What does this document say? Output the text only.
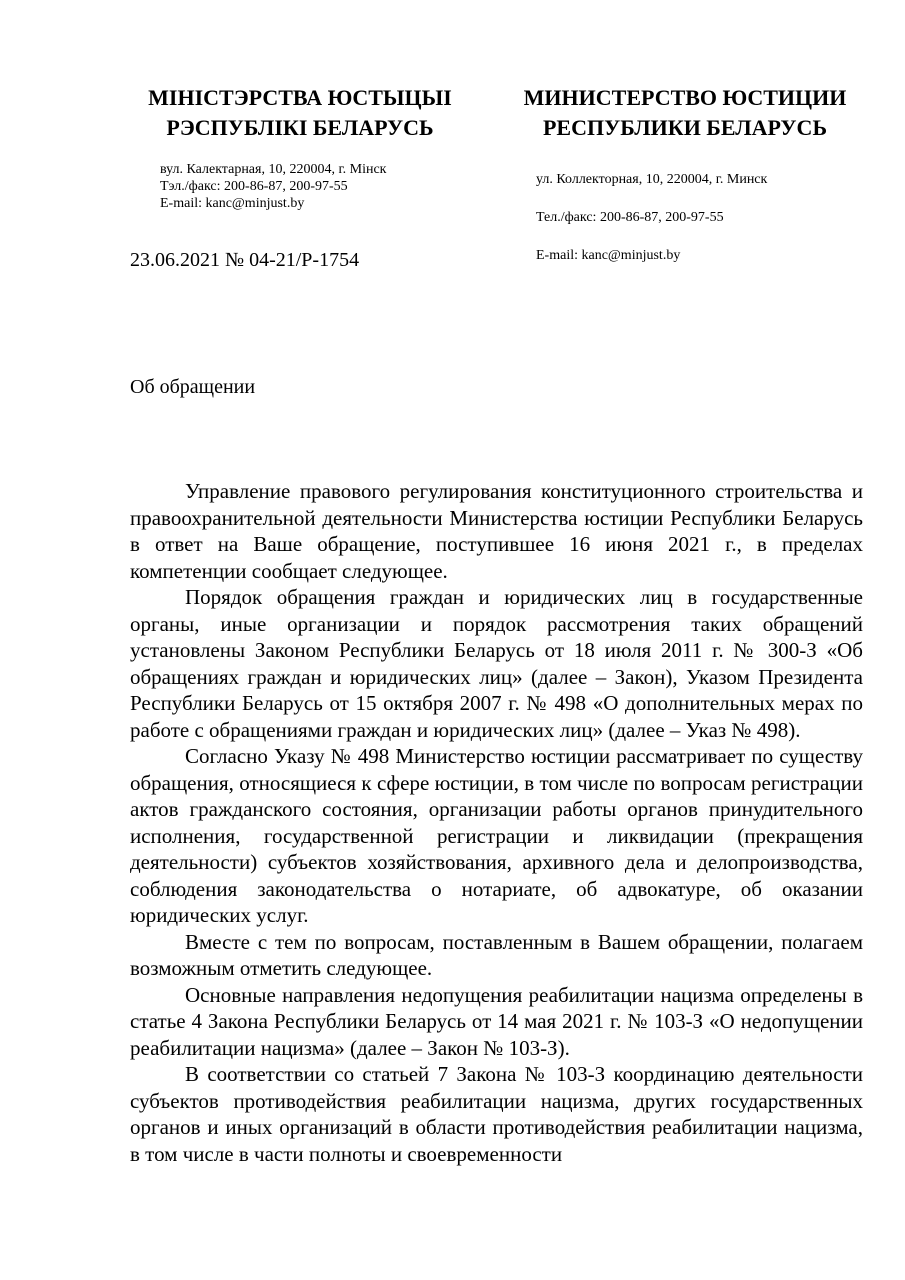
МІНІСТЭРСТВА ЮСТЫЦЫІ
РЭСПУБЛІКІ БЕЛАРУСЬ
МИНИСТЕРСТВО ЮСТИЦИИ
РЕСПУБЛИКИ БЕЛАРУСЬ
вул. Калектарная, 10, 220004, г. Мінск
Тэл./факс: 200-86-87, 200-97-55
E-mail: kanc@minjust.by
ул. Коллекторная, 10, 220004, г. Минск
Тел./факс: 200-86-87, 200-97-55
E-mail: kanc@minjust.by
23.06.2021 № 04-21/Р-1754
Об обращении

Управление правового регулирования конституционного строительства и правоохранительной деятельности Министерства юстиции Республики Беларусь в ответ на Ваше обращение, поступившее 16 июня 2021 г., в пределах компетенции сообщает следующее.

Порядок обращения граждан и юридических лиц в государственные органы, иные организации и порядок рассмотрения таких обращений установлены Законом Республики Беларусь от 18 июля 2011 г. № 300-З «Об обращениях граждан и юридических лиц» (далее – Закон), Указом Президента Республики Беларусь от 15 октября 2007 г. № 498 «О дополнительных мерах по работе с обращениями граждан и юридических лиц» (далее – Указ № 498).

Согласно Указу № 498 Министерство юстиции рассматривает по существу обращения, относящиеся к сфере юстиции, в том числе по вопросам регистрации актов гражданского состояния, организации работы органов принудительного исполнения, государственной регистрации и ликвидации (прекращения деятельности) субъектов хозяйствования, архивного дела и делопроизводства, соблюдения законодательства о нотариате, об адвокатуре, об оказании юридических услуг.

Вместе с тем по вопросам, поставленным в Вашем обращении, полагаем возможным отметить следующее.

Основные направления недопущения реабилитации нацизма определены в статье 4 Закона Республики Беларусь от 14 мая 2021 г. № 103-З «О недопущении реабилитации нацизма» (далее – Закон № 103-З).

В соответствии со статьей 7 Закона № 103-З координацию деятельности субъектов противодействия реабилитации нацизма, других государственных органов и иных организаций в области противодействия реабилитации нацизма, в том числе в части полноты и своевременности
